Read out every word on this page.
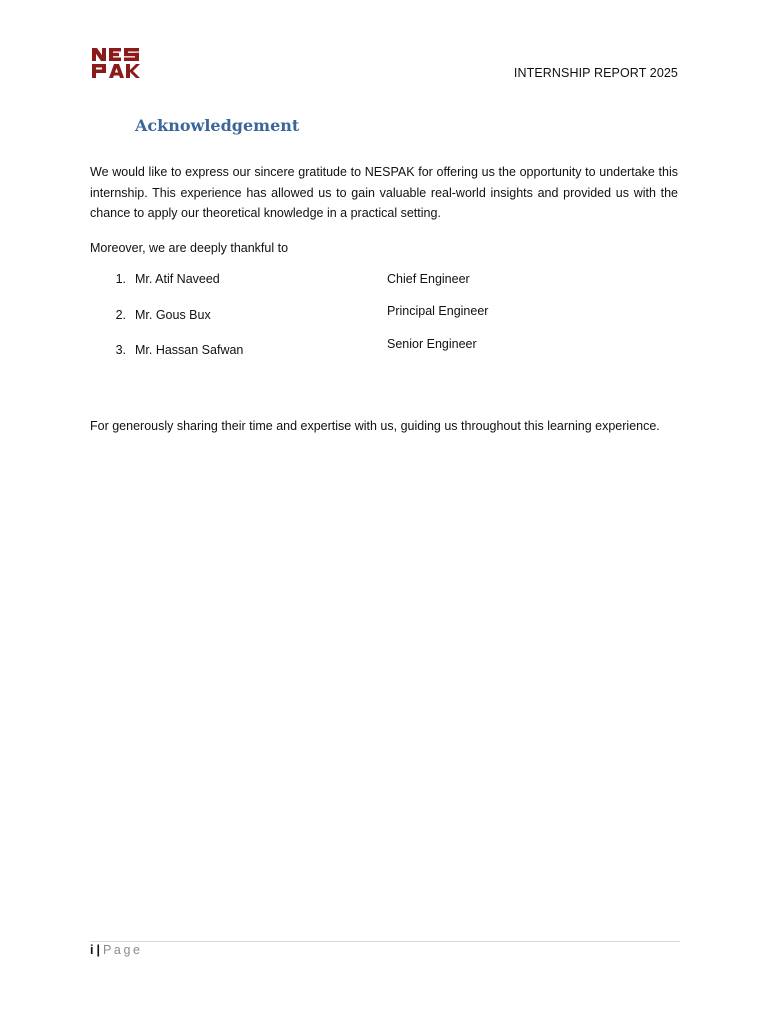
INTERNSHIP REPORT 2025
Acknowledgement

We would like to express our sincere gratitude to NESPAK for offering us the opportunity to undertake this internship. This experience has allowed us to gain valuable real-world insights and provided us with the chance to apply our theoretical knowledge in a practical setting.

Moreover, we are deeply thankful to

1. Mr. Atif Naveed	Chief Engineer
2. Mr. Gous Bux	Principal Engineer
3. Mr. Hassan Safwan	Senior Engineer

For generously sharing their time and expertise with us, guiding us throughout this learning experience.

i | Page
